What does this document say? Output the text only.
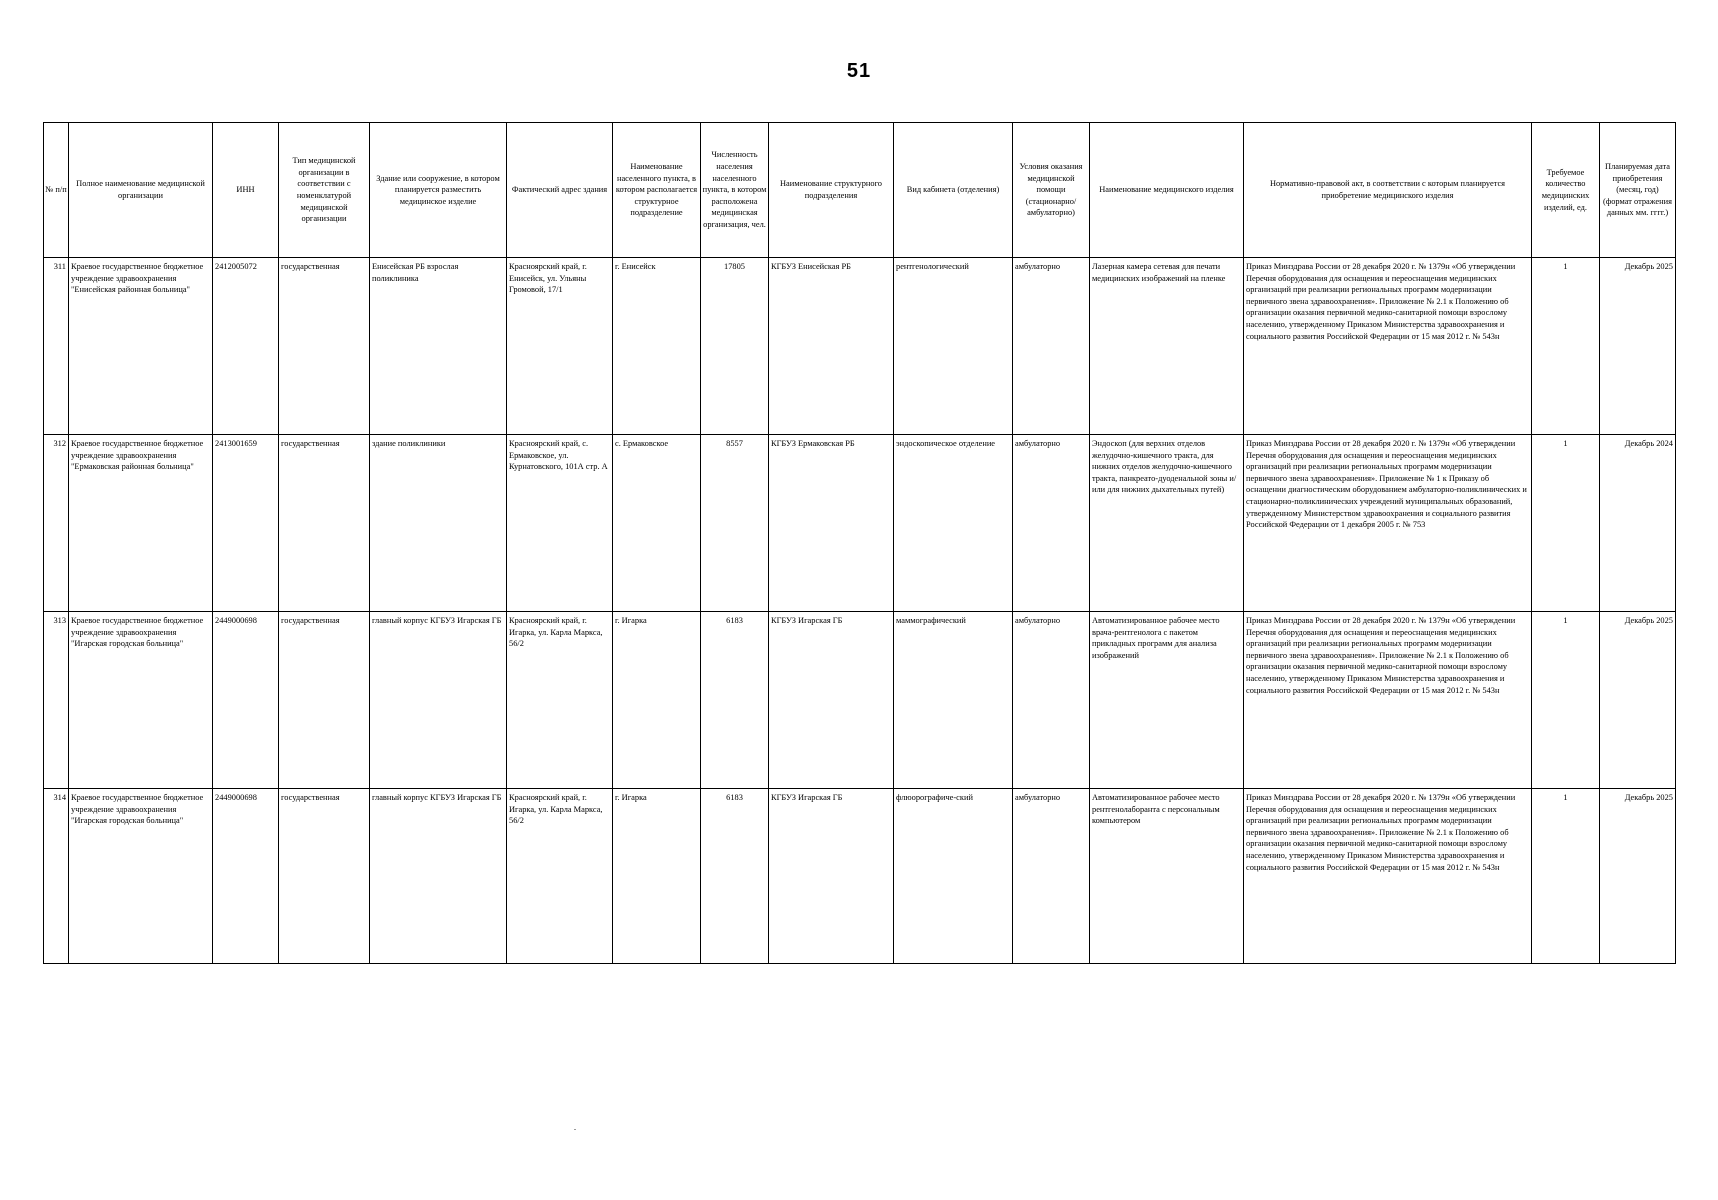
51
№ п/п	Полное наименование медицинской организации	ИНН	Тип медицинской организации в соответствии с номенклатурой медицинской организации	Здание или сооружение, в котором планируется разместить медицинское изделие	Фактический адрес здания	Наименование населенного пункта, в котором располагается структурное подразделение	Численность населения населенного пункта, в котором расположена медицинская организация, чел.	Наименование структурного подразделения	Вид кабинета (отделения)	Условия оказания медицинской помощи (стационарно/ амбулаторно)	Наименование медицинского изделия	Нормативно-правовой акт, в соответствии с которым планируется приобретение медицинского изделия	Требуемое количество медицинских изделий, ед.	Планируемая дата приобретения (месяц, год) (формат отражения данных мм. гггг.)
311	Краевое государственное бюджетное учреждение здравоохранения "Енисейская районная больница"	2412005072	государственная	Енисейская РБ взрослая поликлиника	Красноярский край, г. Енисейск, ул. Ульяны Громовой, 17/1	г. Енисейск	17805	КГБУЗ Енисейская РБ	рентгенологический	амбулаторно	Лазерная камера сетевая для печати медицинских изображений на пленке	Приказ Минздрава России от 28 декабря 2020 г. № 1379н «Об утверждении Перечня оборудования для оснащения и переоснащения медицинских организаций при реализации региональных программ модернизации первичного звена здравоохранения». Приложение № 2.1 к Положению об организации оказания первичной медико-санитарной помощи взрослому населению, утвержденному Приказом Министерства здравоохранения и социального развития Российской Федерации от 15 мая 2012 г. № 543н	1	Декабрь 2025
312	Краевое государственное бюджетное учреждение здравоохранения "Ермаковская районная больница"	2413001659	государственная	здание поликлиники	Красноярский край, с. Ермаковское, ул. Курнатовского, 101А стр. А	с. Ермаковское	8557	КГБУЗ Ермаковская РБ	эндоскопическое отделение	амбулаторно	Эндоскоп (для верхних отделов желудочно-кишечного тракта, для нижних отделов желудочно-кишечного тракта, панкреато-дуоденальной зоны и/или для нижних дыхательных путей)	Приказ Минздрава России от 28 декабря 2020 г. № 1379н «Об утверждении Перечня оборудования для оснащения и переоснащения медицинских организаций при реализации региональных программ модернизации первичного звена здравоохранения». Приложение № 1 к Приказу об оснащении диагностическим оборудованием амбулаторно-поликлинических и стационарно-поликлинических учреждений муниципальных образований, утвержденному Министерством здравоохранения и социального развития Российской Федерации от 1 декабря 2005 г. № 753	1	Декабрь 2024
313	Краевое государственное бюджетное учреждение здравоохранения "Игарская городская больница"	2449000698	государственная	главный корпус КГБУЗ Игарская ГБ	Красноярский край, г. Игарка, ул. Карла Маркса, 56/2	г. Игарка	6183	КГБУЗ Игарская ГБ	маммографический	амбулаторно	Автоматизированное рабочее место врача-рентгенолога с пакетом прикладных программ для анализа изображений	Приказ Минздрава России от 28 декабря 2020 г. № 1379н «Об утверждении Перечня оборудования для оснащения и переоснащения медицинских организаций при реализации региональных программ модернизации первичного звена здравоохранения». Приложение № 2.1 к Положению об организации оказания первичной медико-санитарной помощи взрослому населению, утвержденному Приказом Министерства здравоохранения и социального развития Российской Федерации от 15 мая 2012 г. № 543н	1	Декабрь 2025
314	Краевое государственное бюджетное учреждение здравоохранения "Игарская городская больница"	2449000698	государственная	главный корпус КГБУЗ Игарская ГБ	Красноярский край, г. Игарка, ул. Карла Маркса, 56/2	г. Игарка	6183	КГБУЗ Игарская ГБ	флюорографиче-ский	амбулаторно	Автоматизированное рабочее место рентгенолаборанта с персональным компьютером	Приказ Минздрава России от 28 декабря 2020 г. № 1379н «Об утверждении Перечня оборудования для оснащения и переоснащения медицинских организаций при реализации региональных программ модернизации первичного звена здравоохранения». Приложение № 2.1 к Положению об организации оказания первичной медико-санитарной помощи взрослому населению, утвержденному Приказом Министерства здравоохранения и социального развития Российской Федерации от 15 мая 2012 г. № 543н	1	Декабрь 2025
